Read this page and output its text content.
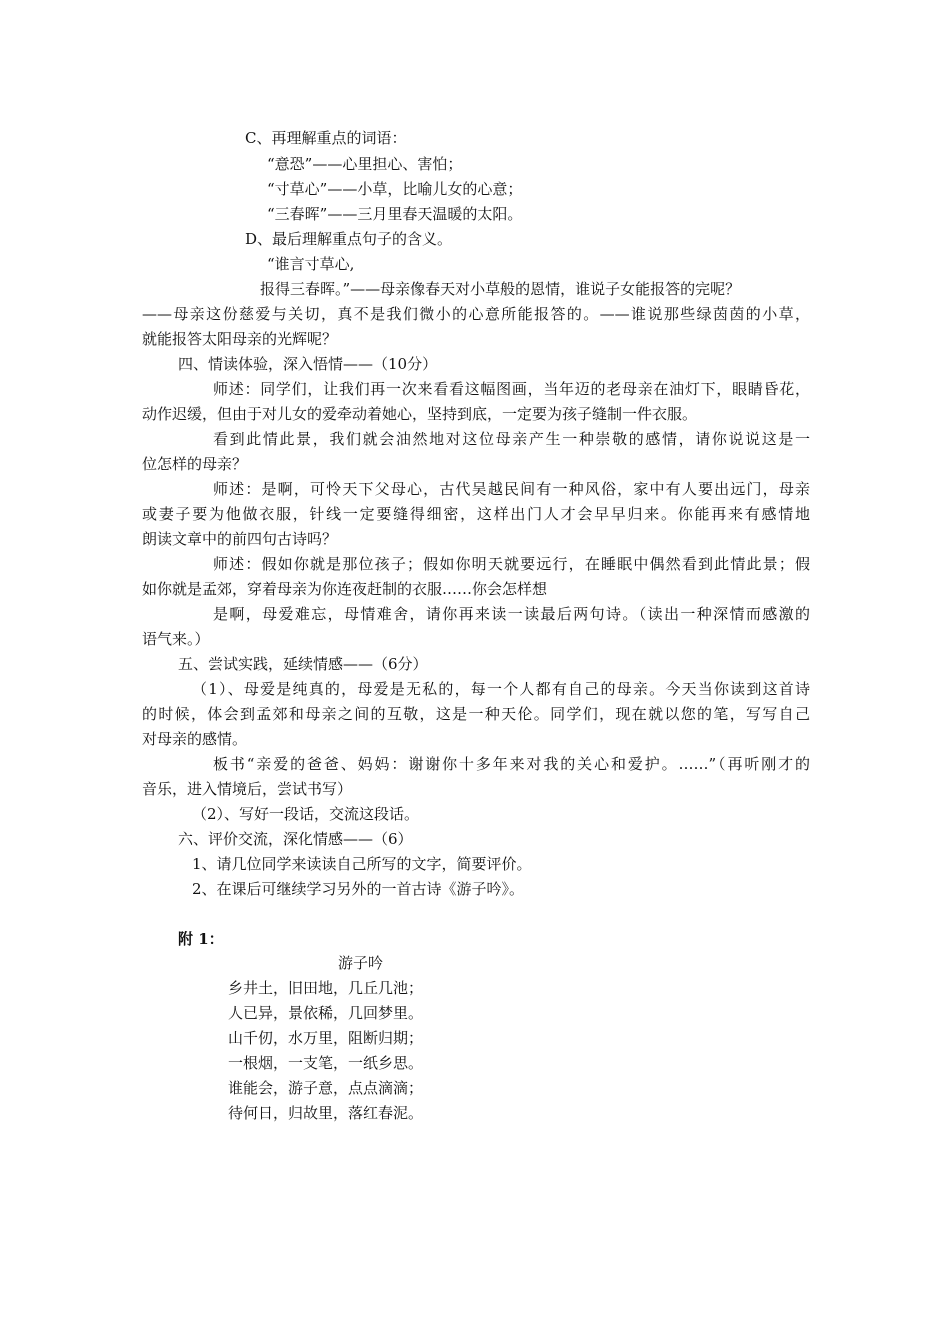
C、再理解重点的词语：
“意恐”——心里担心、害怕；
“寸草心”——小草，比喻儿女的心意；
“三春晖”——三月里春天温暖的太阳。
D、最后理解重点句子的含义。
“谁言寸草心,
报得三春晖。”——母亲像春天对小草般的恩情，谁说子女能报答的完呢？
——母亲这份慈爱与关切，真不是我们微小的心意所能报答的。——谁说那些绿茵茵的小草，
就能报答太阳母亲的光辉呢？
四、情读体验，深入悟情——（10分）
师述：同学们，让我们再一次来看看这幅图画，当年迈的老母亲在油灯下，眼睛昏花，
动作迟缓，但由于对儿女的爱牵动着她心，坚持到底，一定要为孩子缝制一件衣服。
看到此情此景，我们就会油然地对这位母亲产生一种崇敬的感情，请你说说这是一
位怎样的母亲？
师述：是啊，可怜天下父母心，古代吴越民间有一种风俗，家中有人要出远门，母亲
或妻子要为他做衣服，针线一定要缝得细密，这样出门人才会早早归来。你能再来有感情地
朗读文章中的前四句古诗吗？
师述：假如你就是那位孩子；假如你明天就要远行，在睡眠中偶然看到此情此景；假
如你就是孟郊，穿着母亲为你连夜赶制的衣服……你会怎样想
是啊，母爱难忘，母情难舍，请你再来读一读最后两句诗。（读出一种深情而感激的
语气来。）
五、尝试实践，延续情感——（6分）
（1）、母爱是纯真的，母爱是无私的，每一个人都有自己的母亲。今天当你读到这首诗
的时候，体会到孟郊和母亲之间的互敬，这是一种天伦。同学们，现在就以您的笔，写写自己
对母亲的感情。
板书“亲爱的爸爸、妈妈：谢谢你十多年来对我的关心和爱护。……”（再听刚才的
音乐，进入情境后，尝试书写）
（2）、写好一段话，交流这段话。
六、评价交流，深化情感——（6）
1、请几位同学来读读自己所写的文字，简要评价。
2、在课后可继续学习另外的一首古诗《游子吟》。
附 1：
游子吟
乡井土，旧田地，几丘几池；
人已异，景依稀，几回梦里。
山千仞，水万里，阻断归期；
一根烟，一支笔，一纸乡思。
谁能会，游子意，点点滴滴；
待何日，归故里，落红春泥。
